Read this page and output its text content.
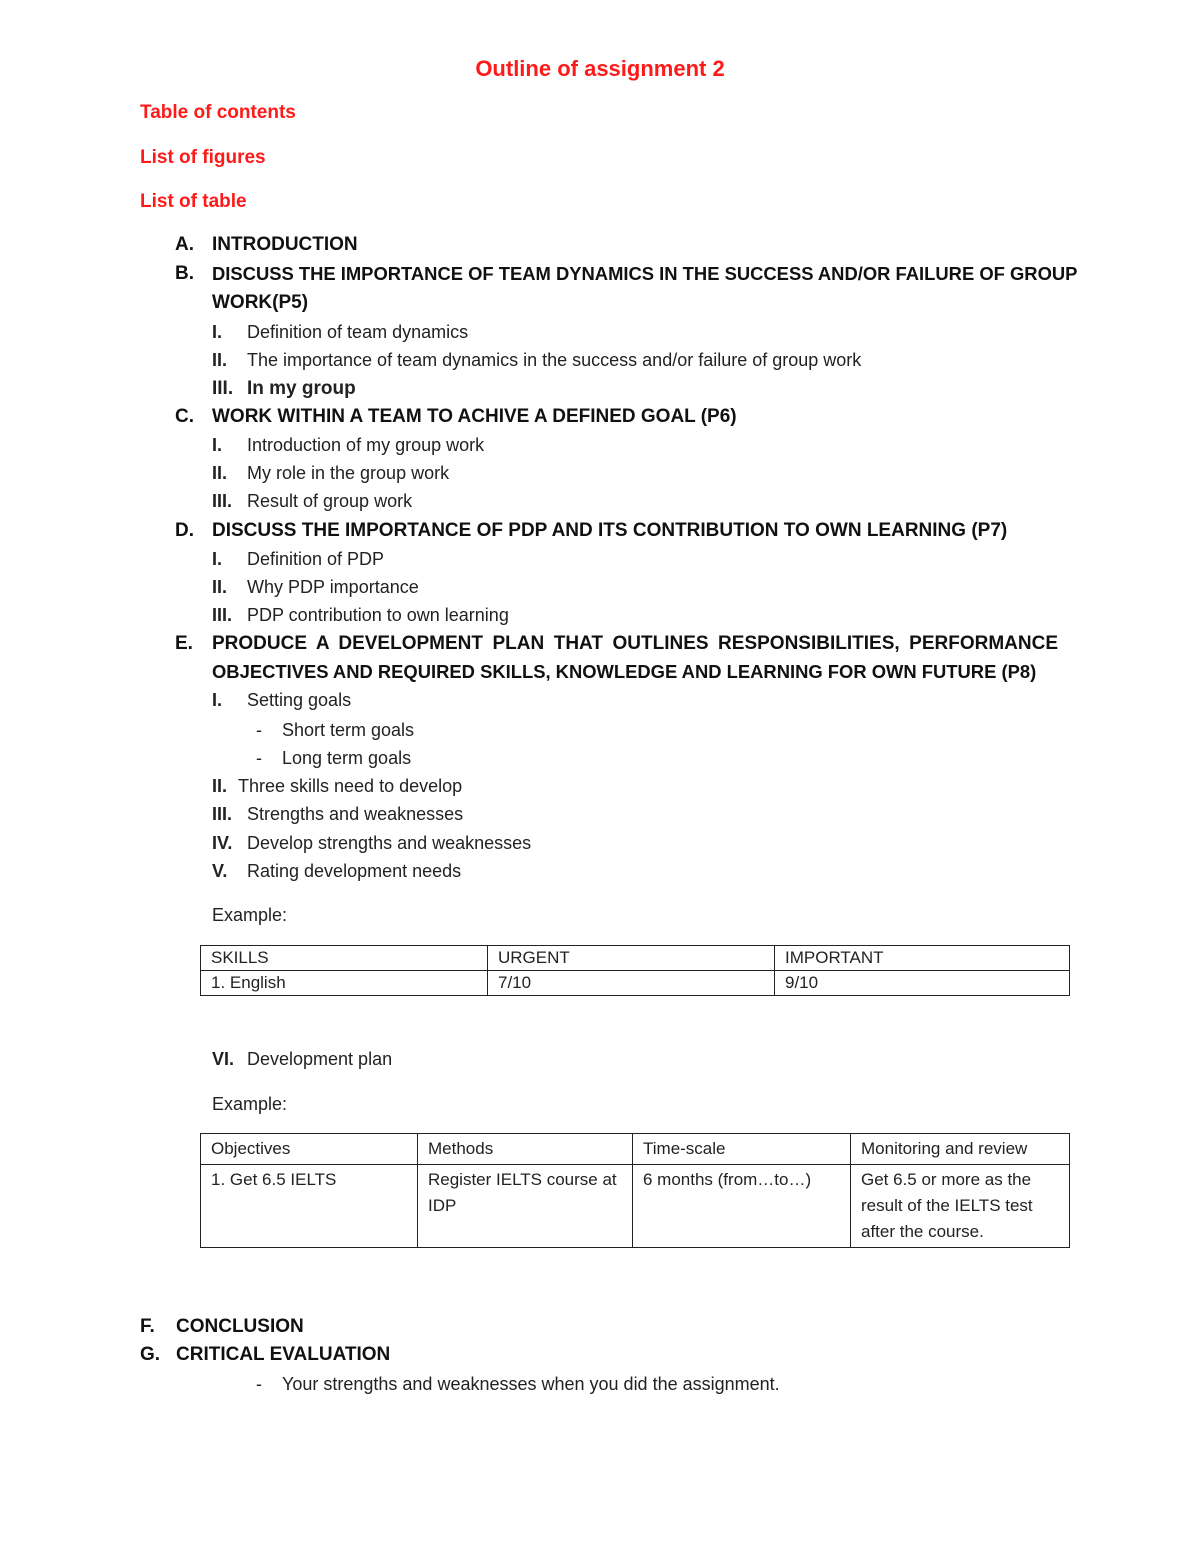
Outline of assignment 2
Table of contents
List of figures
List of table
A. INTRODUCTION
B. DISCUSS THE IMPORTANCE OF TEAM DYNAMICS IN THE SUCCESS AND/OR FAILURE OF GROUP
WORK(P5)
I. Definition of team dynamics
II. The importance of team dynamics in the success and/or failure of group work
III. In my group
C. WORK WITHIN A TEAM TO ACHIVE A DEFINED GOAL (P6)
I. Introduction of my group work
II. My role in the group work
III. Result of group work
D. DISCUSS THE IMPORTANCE OF PDP AND ITS CONTRIBUTION TO OWN LEARNING (P7)
I. Definition of PDP
II. Why PDP importance
III. PDP contribution to own learning
E. PRODUCE A DEVELOPMENT PLAN THAT OUTLINES RESPONSIBILITIES, PERFORMANCE
OBJECTIVES AND REQUIRED SKILLS, KNOWLEDGE AND LEARNING FOR OWN FUTURE (P8)
I. Setting goals
- Short term goals
- Long term goals
II. Three skills need to develop
III. Strengths and weaknesses
IV. Develop strengths and weaknesses
V. Rating development needs
Example:
SKILLS	URGENT	IMPORTANT
1. English	7/10	9/10
VI. Development plan
Example:
Objectives	Methods	Time-scale	Monitoring and review
1. Get 6.5 IELTS	Register IELTS course at IDP	6 months (from…to…)	Get 6.5 or more as the result of the IELTS test after the course.
F. CONCLUSION
G. CRITICAL EVALUATION
- Your strengths and weaknesses when you did the assignment.
